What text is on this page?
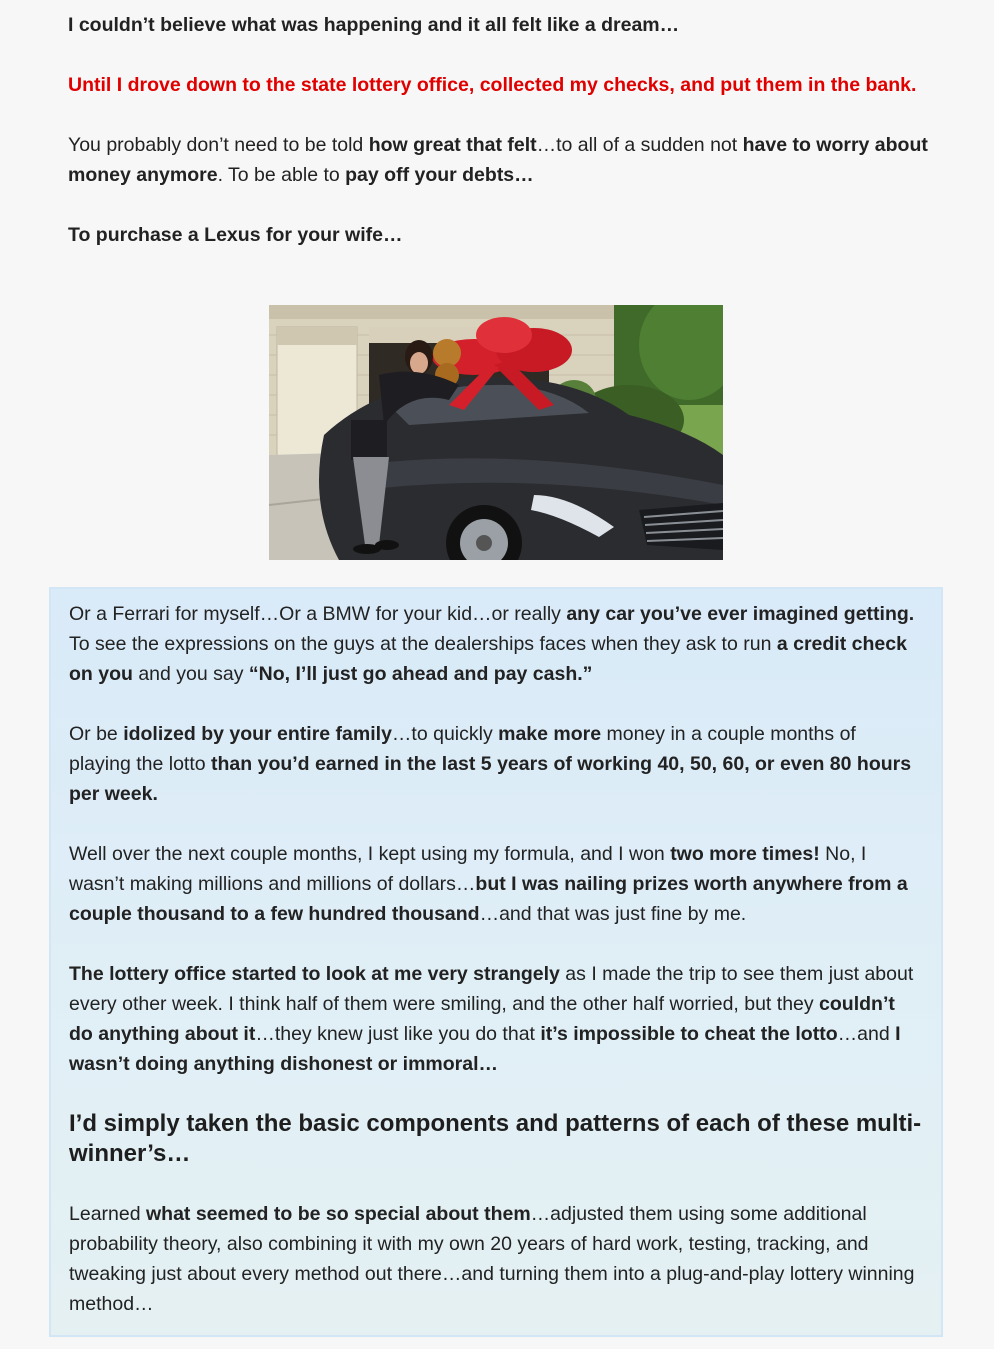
I couldn’t believe what was happening and it all felt like a dream…

Until I drove down to the state lottery office, collected my checks, and put them in the bank.

You probably don’t need to be told how great that felt…to all of a sudden not have to worry about money anymore. To be able to pay off your debts…

To purchase a Lexus for your wife…

Or a Ferrari for myself…Or a BMW for your kid…or really any car you’ve ever imagined getting. To see the expressions on the guys at the dealerships faces when they ask to run a credit check on you and you say “No, I’ll just go ahead and pay cash.”

Or be idolized by your entire family…to quickly make more money in a couple months of playing the lotto than you’d earned in the last 5 years of working 40, 50, 60, or even 80 hours per week.

Well over the next couple months, I kept using my formula, and I won two more times! No, I wasn’t making millions and millions of dollars…but I was nailing prizes worth anywhere from a couple thousand to a few hundred thousand…and that was just fine by me.

The lottery office started to look at me very strangely as I made the trip to see them just about every other week. I think half of them were smiling, and the other half worried, but they couldn’t do anything about it…they knew just like you do that it’s impossible to cheat the lotto…and I wasn’t doing anything dishonest or immoral…

I’d simply taken the basic components and patterns of each of these multi-winner’s…

Learned what seemed to be so special about them…adjusted them using some additional probability theory, also combining it with my own 20 years of hard work, testing, tracking, and tweaking just about every method out there…and turning them into a plug-and-play lottery winning method…
